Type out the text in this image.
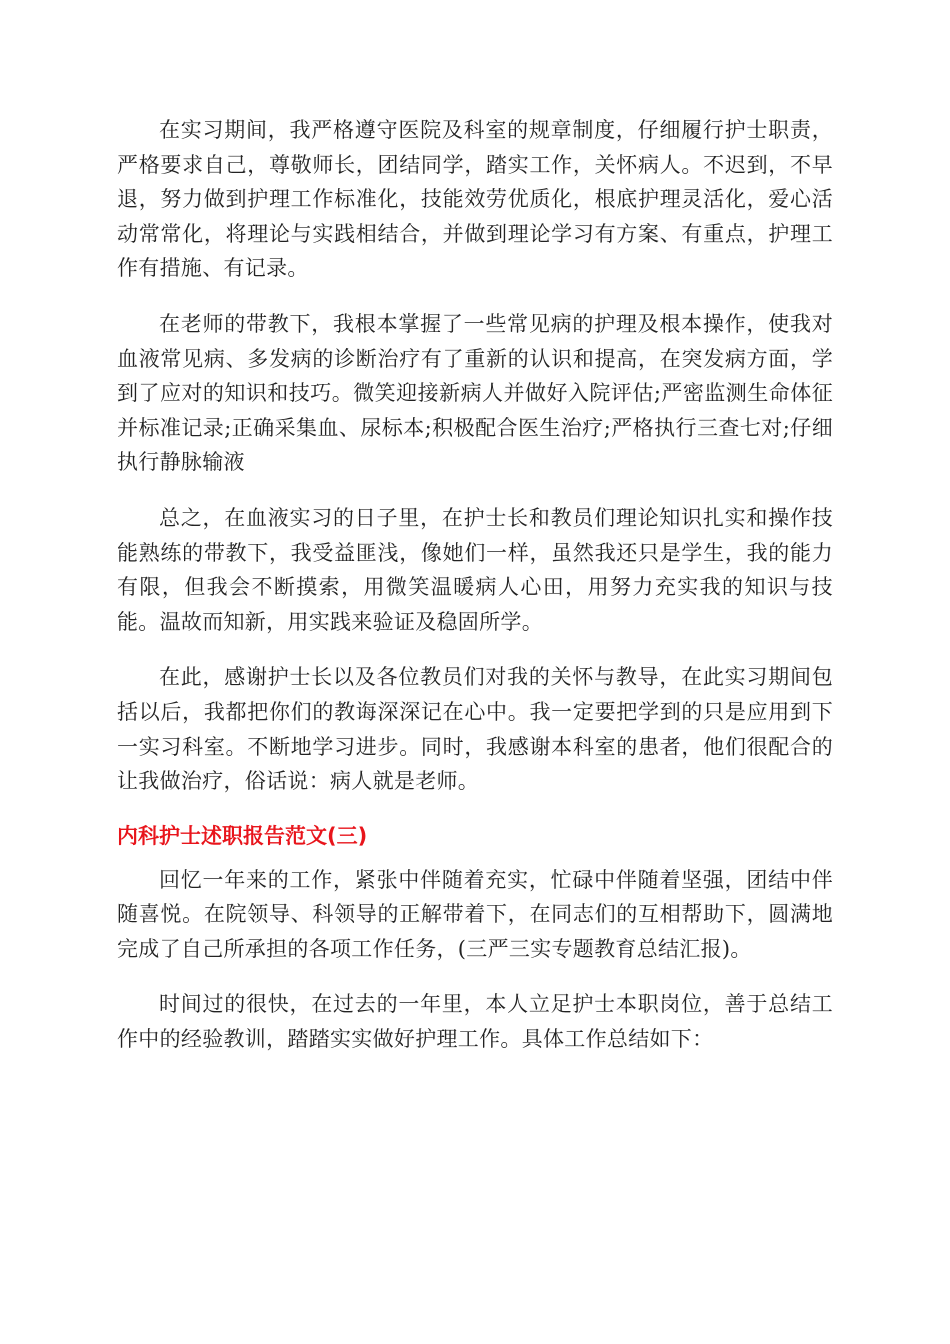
在实习期间，我严格遵守医院及科室的规章制度，仔细履行护士职责，严格要求自己，尊敬师长，团结同学，踏实工作，关怀病人。不迟到，不早退，努力做到护理工作标准化，技能效劳优质化，根底护理灵活化，爱心活动常常化，将理论与实践相结合，并做到理论学习有方案、有重点，护理工作有措施、有记录。

在老师的带教下，我根本掌握了一些常见病的护理及根本操作，使我对血液常见病、多发病的诊断治疗有了重新的认识和提高，在突发病方面，学到了应对的知识和技巧。微笑迎接新病人并做好入院评估;严密监测生命体征并标准记录;正确采集血、尿标本;积极配合医生治疗;严格执行三查七对;仔细执行静脉输液

总之，在血液实习的日子里，在护士长和教员们理论知识扎实和操作技能熟练的带教下，我受益匪浅，像她们一样，虽然我还只是学生，我的能力有限，但我会不断摸索，用微笑温暖病人心田，用努力充实我的知识与技能。温故而知新，用实践来验证及稳固所学。

在此，感谢护士长以及各位教员们对我的关怀与教导，在此实习期间包括以后，我都把你们的教诲深深记在心中。我一定要把学到的只是应用到下一实习科室。不断地学习进步。同时，我感谢本科室的患者，他们很配合的让我做治疗，俗话说：病人就是老师。

内科护士述职报告范文(三)

回忆一年来的工作，紧张中伴随着充实，忙碌中伴随着坚强，团结中伴随喜悦。在院领导、科领导的正解带着下，在同志们的互相帮助下，圆满地完成了自己所承担的各项工作任务，(三严三实专题教育总结汇报)。

时间过的很快，在过去的一年里，本人立足护士本职岗位，善于总结工作中的经验教训，踏踏实实做好护理工作。具体工作总结如下：
